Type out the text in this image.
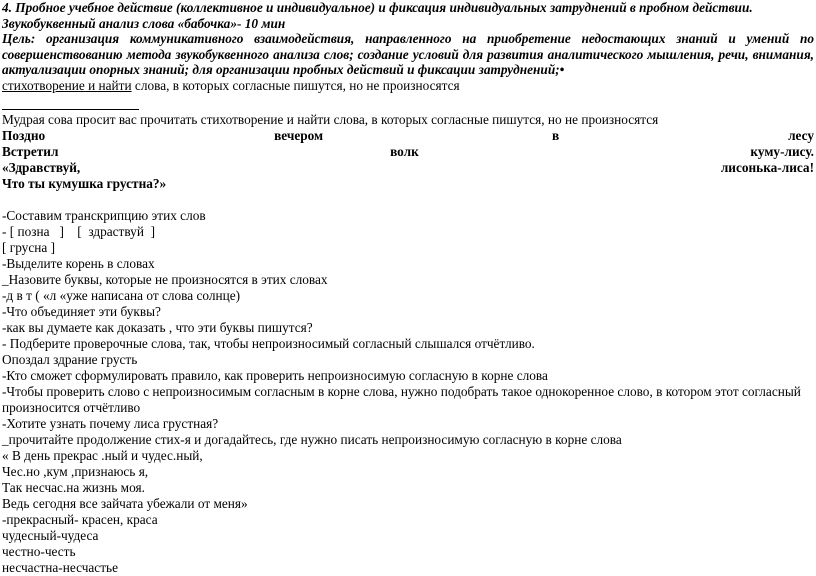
4. Пробное учебное действие (коллективное и индивидуальное) и фиксация индивидуальных затруднений в пробном действии.
Звукобуквенный анализ слова «бабочка»- 10 мин
Цель: организация коммуникативного взаимодействия, направленного на приобретение недостающих знаний и умений по совершенствованию метода звукобуквенного анализа слов; создание условий для развития аналитического мышления, речи, внимания, актуализации опорных знаний; для организации пробных действий и фиксации затруднений;•
стихотворение и найти слова, в которых согласные пишутся, но не произносятся
Мудрая сова просит вас прочитать стихотворение и найти слова, в которых согласные пишутся, но не произносятся
Поздно	вечером	в	лесу
Встретил	волк	куму-лису.
«Здравствуй,	лисонька-лиса!
Что ты кумушка грустна?»
-Составим транскрипцию этих слов
- [ позна   ]    [  здраствуй  ]
[ грусна ]
-Выделите корень в словах
_Назовите буквы, которые не произносятся в этих словах
-д в т ( «л «уже написана от слова солнце)
-Что объединяет эти буквы?
-как вы думаете как доказать , что эти буквы пишутся?
- Подберите проверочные слова, так, чтобы непроизносимый согласный слышался отчётливо.
Опоздал здрание грусть
-Кто сможет сформулировать правило, как проверить непроизносимую согласную в корне слова
-Чтобы проверить слово с непроизносимым согласным в корне слова, нужно подобрать такое однокоренное слово, в котором этот согласный произносится отчётливо
-Хотите узнать почему лиса грустная?
_прочитайте продолжение стих-я и догадайтесь, где нужно писать непроизносимую согласную в корне слова
« В день прекрас .ный и чудес.ный,
Чес.но ,кум ,признаюсь я,
Так несчас.на жизнь моя.
Ведь сегодня все зайчата убежали от меня»
-прекрасный- красен, краса
чудесный-чудеса
честно-честь
несчастна-несчастье
